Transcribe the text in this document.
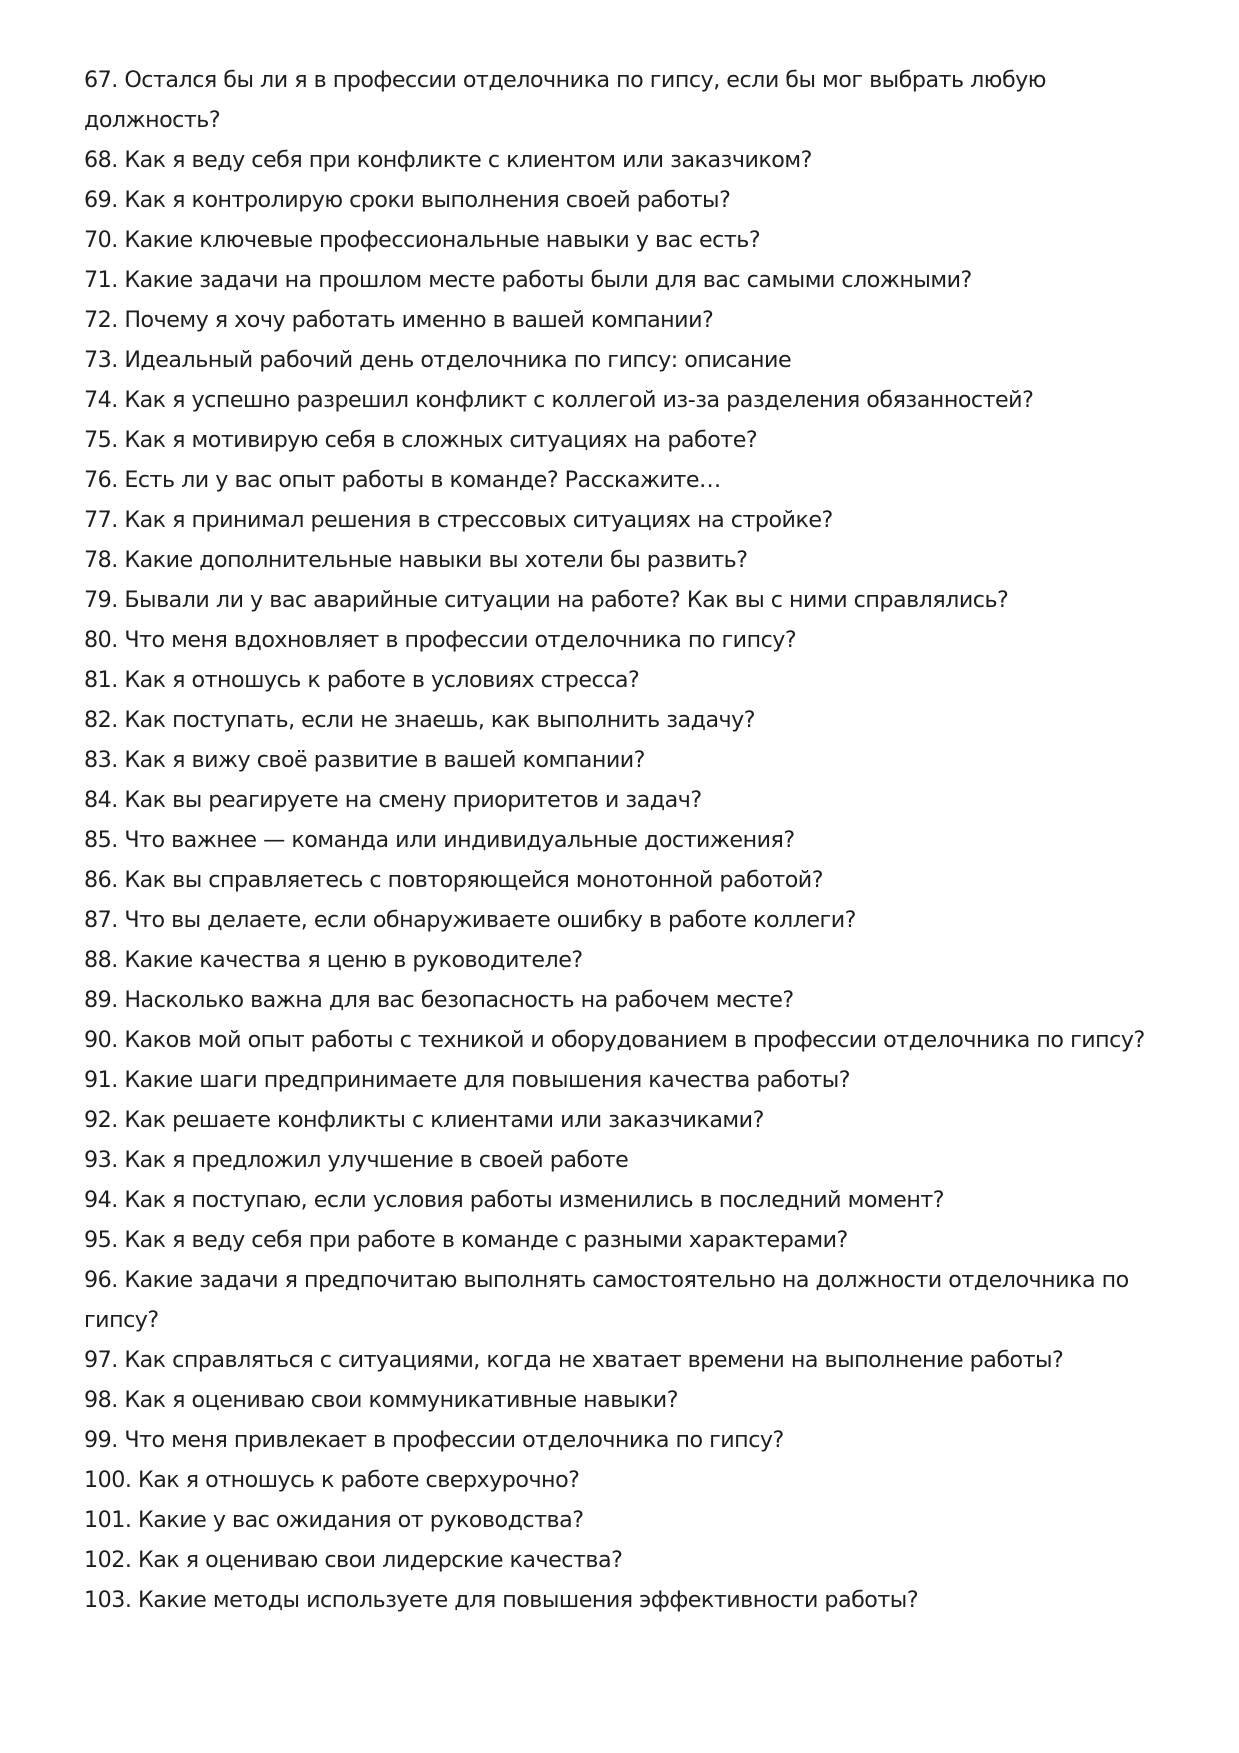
67. Остался бы ли я в профессии отделочника по гипсу, если бы мог выбрать любую должность?
68. Как я веду себя при конфликте с клиентом или заказчиком?
69. Как я контролирую сроки выполнения своей работы?
70. Какие ключевые профессиональные навыки у вас есть?
71. Какие задачи на прошлом месте работы были для вас самыми сложными?
72. Почему я хочу работать именно в вашей компании?
73. Идеальный рабочий день отделочника по гипсу: описание
74. Как я успешно разрешил конфликт с коллегой из-за разделения обязанностей?
75. Как я мотивирую себя в сложных ситуациях на работе?
76. Есть ли у вас опыт работы в команде? Расскажите…
77. Как я принимал решения в стрессовых ситуациях на стройке?
78. Какие дополнительные навыки вы хотели бы развить?
79. Бывали ли у вас аварийные ситуации на работе? Как вы с ними справлялись?
80. Что меня вдохновляет в профессии отделочника по гипсу?
81. Как я отношусь к работе в условиях стресса?
82. Как поступать, если не знаешь, как выполнить задачу?
83. Как я вижу своё развитие в вашей компании?
84. Как вы реагируете на смену приоритетов и задач?
85. Что важнее — команда или индивидуальные достижения?
86. Как вы справляетесь с повторяющейся монотонной работой?
87. Что вы делаете, если обнаруживаете ошибку в работе коллеги?
88. Какие качества я ценю в руководителе?
89. Насколько важна для вас безопасность на рабочем месте?
90. Каков мой опыт работы с техникой и оборудованием в профессии отделочника по гипсу?
91. Какие шаги предпринимаете для повышения качества работы?
92. Как решаете конфликты с клиентами или заказчиками?
93. Как я предложил улучшение в своей работе
94. Как я поступаю, если условия работы изменились в последний момент?
95. Как я веду себя при работе в команде с разными характерами?
96. Какие задачи я предпочитаю выполнять самостоятельно на должности отделочника по гипсу?
97. Как справляться с ситуациями, когда не хватает времени на выполнение работы?
98. Как я оцениваю свои коммуникативные навыки?
99. Что меня привлекает в профессии отделочника по гипсу?
100. Как я отношусь к работе сверхурочно?
101. Какие у вас ожидания от руководства?
102. Как я оцениваю свои лидерские качества?
103. Какие методы используете для повышения эффективности работы?
